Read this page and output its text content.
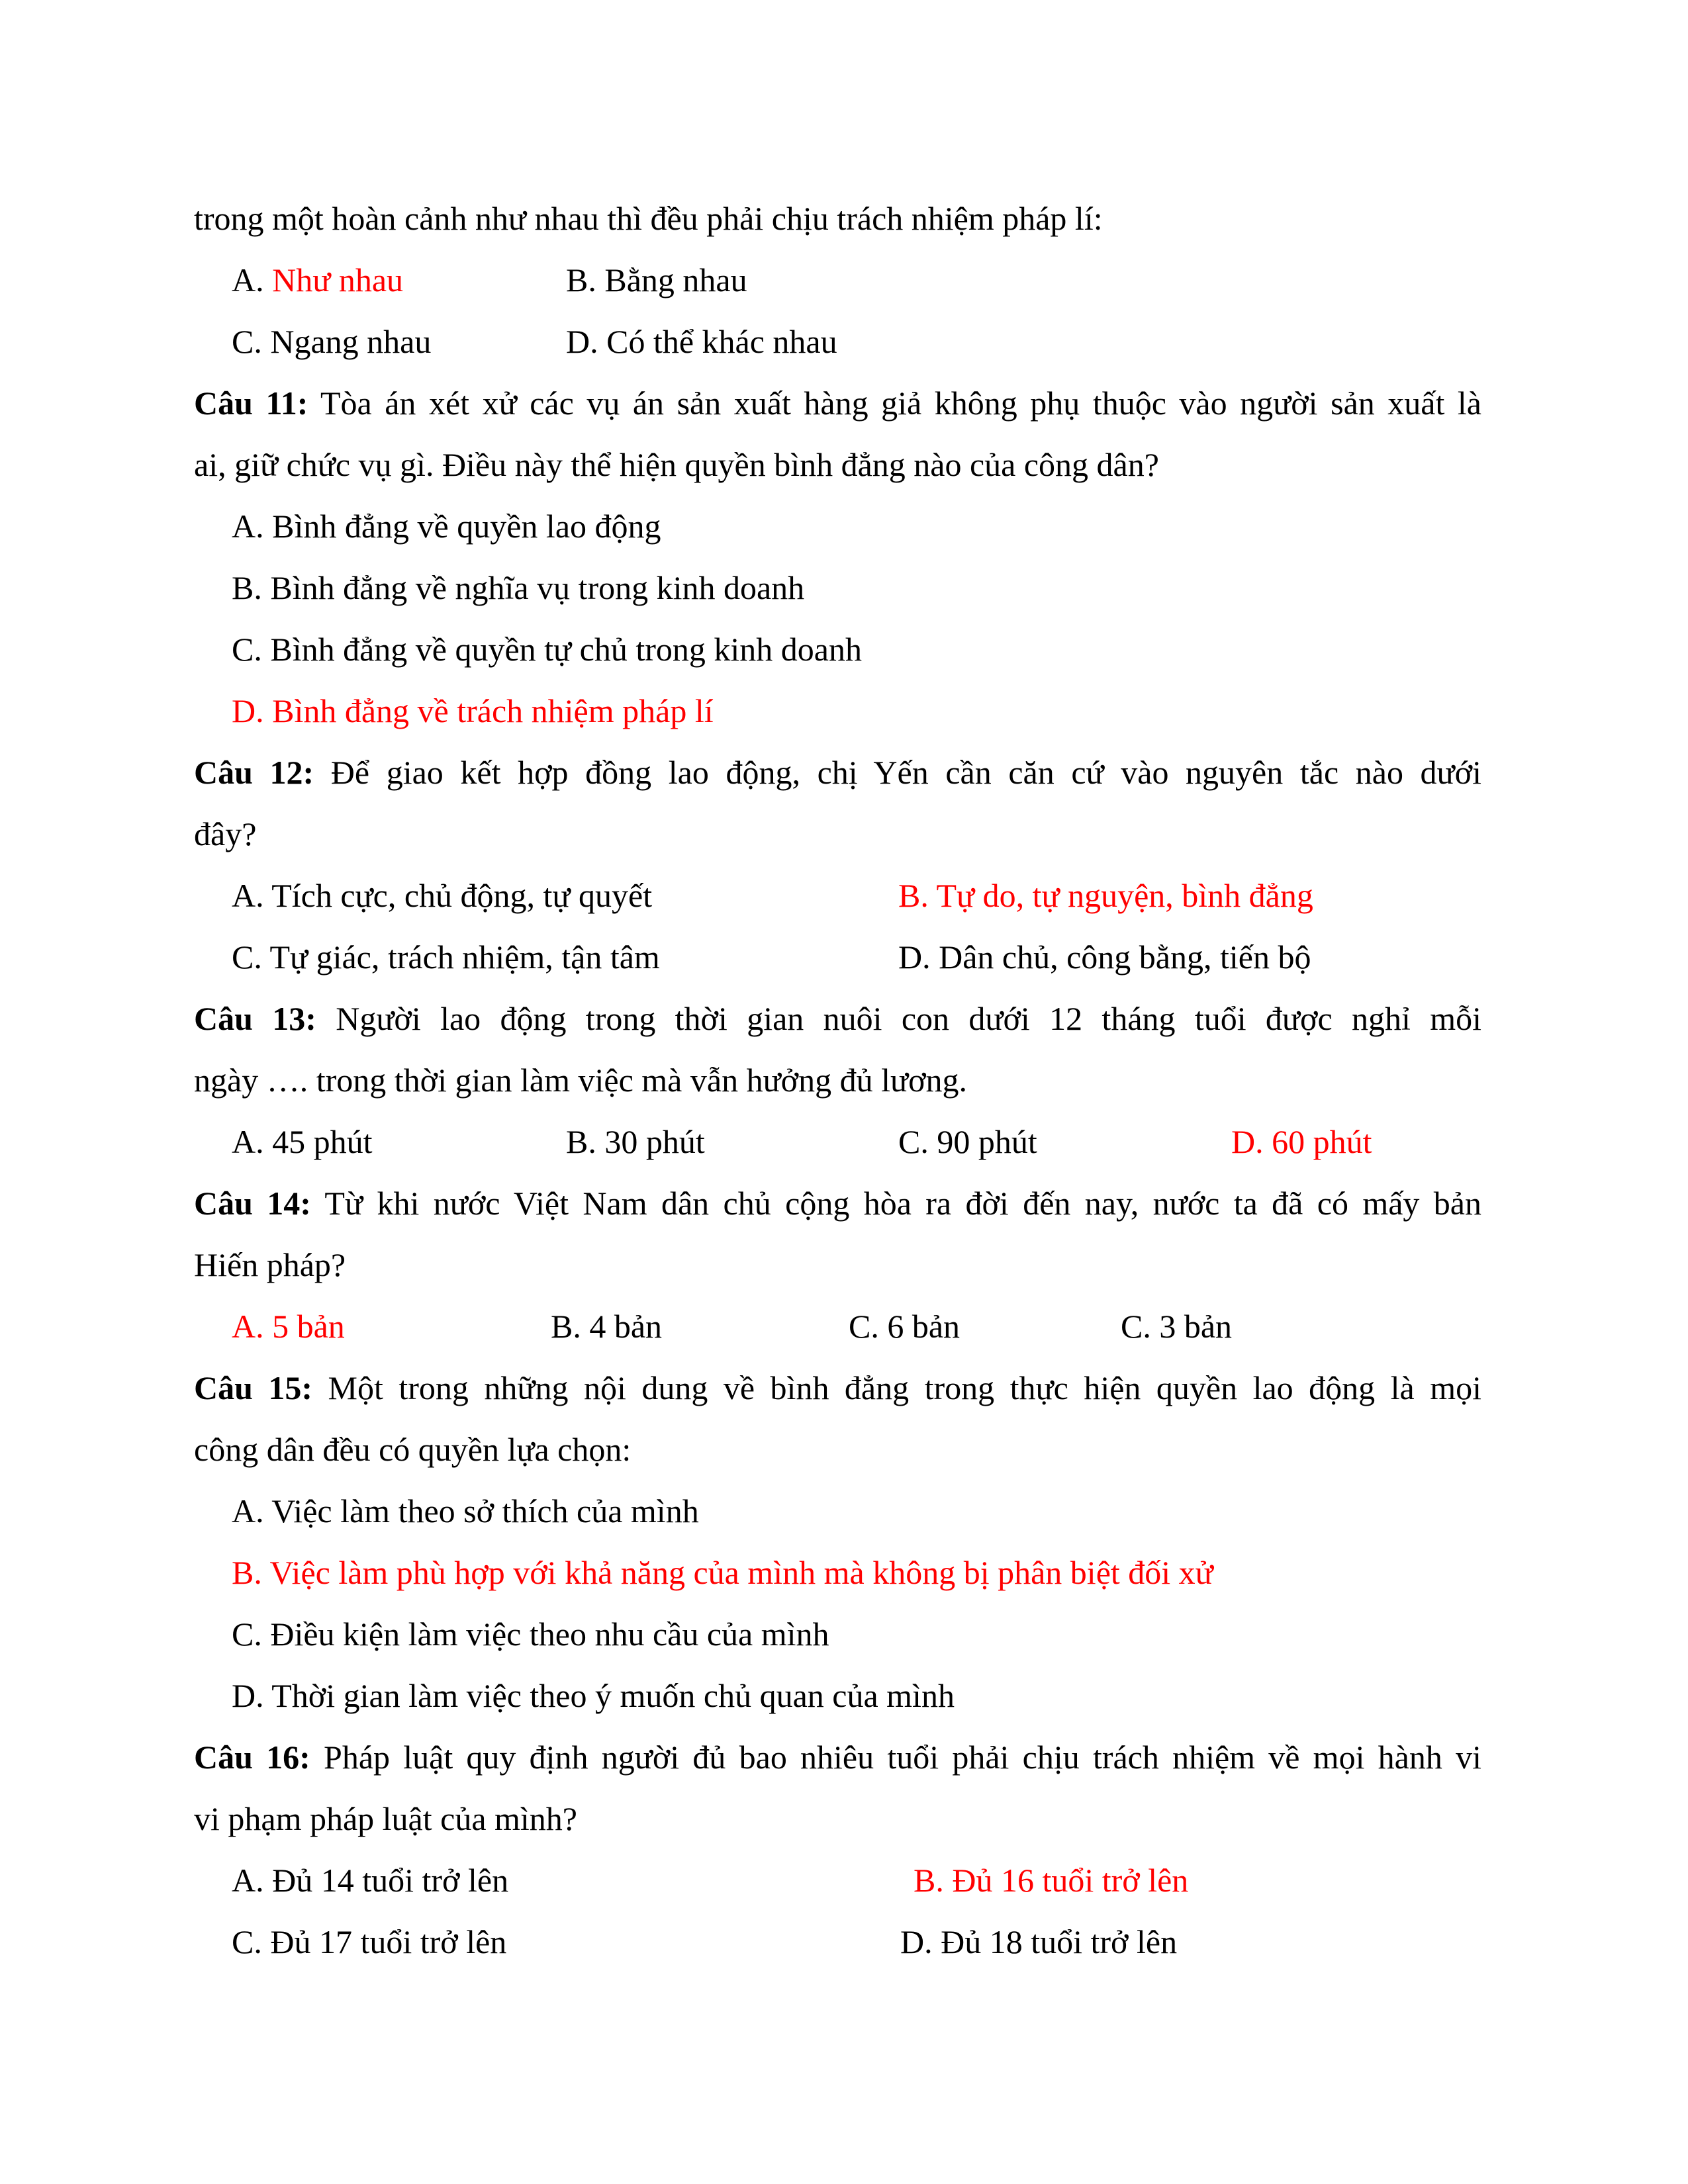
trong một hoàn cảnh như nhau thì đều phải chịu trách nhiệm pháp lí:
A. Như nhau	B. Bằng nhau
C. Ngang nhau	D. Có thể khác nhau
Câu 11: Tòa án xét xử các vụ án sản xuất hàng giả không phụ thuộc vào người sản xuất là
ai, giữ chức vụ gì. Điều này thể hiện quyền bình đẳng nào của công dân?
A. Bình đẳng về quyền lao động
B. Bình đẳng về nghĩa vụ trong kinh doanh
C. Bình đẳng về quyền tự chủ trong kinh doanh
D. Bình đẳng về trách nhiệm pháp lí
Câu 12: Để giao kết hợp đồng lao động, chị Yến cần căn cứ vào nguyên tắc nào dưới
đây?
A. Tích cực, chủ động, tự quyết	B. Tự do, tự nguyện, bình đẳng
C. Tự giác, trách nhiệm, tận tâm	D. Dân chủ, công bằng, tiến bộ
Câu 13: Người lao động trong thời gian nuôi con dưới 12 tháng tuổi được nghỉ mỗi
ngày …. trong thời gian làm việc mà vẫn hưởng đủ lương.
A. 45 phút	B. 30 phút	C. 90 phút	D. 60 phút
Câu 14: Từ khi nước Việt Nam dân chủ cộng hòa ra đời đến nay, nước ta đã có mấy bản
Hiến pháp?
A. 5 bản	B. 4 bản	C. 6 bản	C. 3 bản
Câu 15: Một trong những nội dung về bình đẳng trong thực hiện quyền lao động là mọi
công dân đều có quyền lựa chọn:
A. Việc làm theo sở thích của mình
B. Việc làm phù hợp với khả năng của mình mà không bị phân biệt đối xử
C. Điều kiện làm việc theo nhu cầu của mình
D. Thời gian làm việc theo ý muốn chủ quan của mình
Câu 16: Pháp luật quy định người đủ bao nhiêu tuổi phải chịu trách nhiệm về mọi hành vi
vi phạm pháp luật của mình?
A. Đủ 14 tuổi trở lên	B. Đủ 16 tuổi trở lên
C. Đủ 17 tuổi trở lên	D. Đủ 18 tuổi trở lên
